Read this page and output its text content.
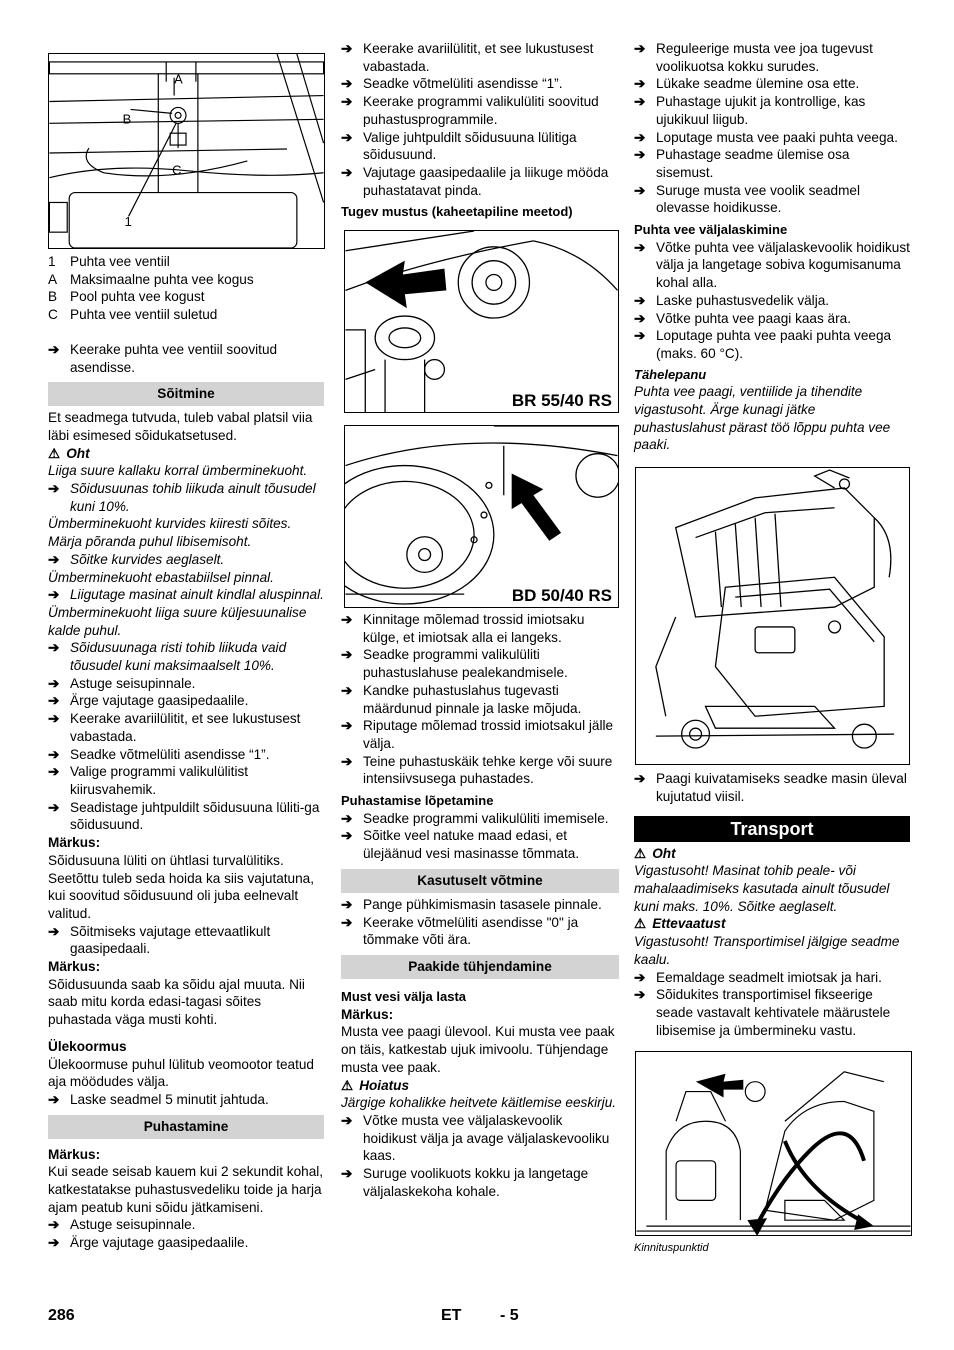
A
B
C
1
1 Puhta vee ventiil
A Maksimaalne puhta vee kogus
B Pool puhta vee kogust
C Puhta vee ventiil suletud

➔ Keerake puhta vee ventiil soovitud asendisse.

Sõitmine

Et seadmega tutvuda, tuleb vabal platsil viia läbi esimesed sõidukatsetused.

⚠ Oht

Liiga suure kallaku korral ümberminekuoht.

➔ Sõidusuunas tohib liikuda ainult tõusudel kuni 10%.

Ümberminekuoht kurvides kiiresti sõites. Märja põranda puhul libisemisoht.

➔ Sõitke kurvides aeglaselt.

Ümberminekuoht ebastabiilsel pinnal.

➔ Liigutage masinat ainult kindlal aluspinnal.

Ümberminekuoht liiga suure küljesuunalise kalde puhul.

➔ Sõidusuunaga risti tohib liikuda vaid tõusudel kuni maksimaalselt 10%.

➔ Astuge seisupinnale.

➔ Ärge vajutage gaasipedaalile.

➔ Keerake avariilülitit, et see lukustusest vabastada.

➔ Seadke võtmelüliti asendisse “1”.

➔ Valige programmi valikulülitist kiirusvahemik.

➔ Seadistage juhtpuldilt sõidusuuna lüliti-ga sõidusuund.

Märkus:

Sõidusuuna lüliti on ühtlasi turvalülitiks. Seetõttu tuleb seda hoida ka siis vajutatuna, kui soovitud sõidusuund oli juba eelnevalt valitud.

➔ Sõitmiseks vajutage ettevaatlikult gaasipedaali.

Märkus:

Sõidusuunda saab ka sõidu ajal muuta. Nii saab mitu korda edasi-tagasi sõites puhastada väga musti kohti.

Ülekoormus

Ülekoormuse puhul lülitub veomootor teatud aja möödudes välja.

➔ Laske seadmel 5 minutit jahtuda.

Puhastamine

Märkus:

Kui seade seisab kauem kui 2 sekundit kohal, katkestatakse puhastusvedeliku toide ja harja ajam peatub kuni sõidu jätkamiseni.

➔ Astuge seisupinnale.

➔ Ärge vajutage gaasipedaalile.

➔ Keerake avariilülitit, et see lukustusest vabastada.

➔ Seadke võtmelüliti asendisse “1”.

➔ Keerake programmi valikulüliti soovitud puhastusprogrammile.

➔ Valige juhtpuldilt sõidusuuna lülitiga sõidusuund.

➔ Vajutage gaasipedaalile ja liikuge mööda puhastatavat pinda.

Tugev mustus (kaheetapiline meetod)

BR 55/40 RS
BD 50/40 RS

➔ Kinnitage mõlemad trossid imiotsaku külge, et imiotsak alla ei langeks.

➔ Seadke programmi valikulüliti puhastuslahuse pealekandmisele.

➔ Kandke puhastuslahus tugevasti määrdunud pinnale ja laske mõjuda.

➔ Riputage mõlemad trossid imiotsakul jälle välja.

➔ Teine puhastuskäik tehke kerge või suure intensiivsusega puhastades.

Puhastamise lõpetamine

➔ Seadke programmi valikulüliti imemisele.

➔ Sõitke veel natuke maad edasi, et ülejäänud vesi masinasse tõmmata.

Kasutuselt võtmine

➔ Pange pühkimismasin tasasele pinnale.

➔ Keerake võtmelüliti asendisse "0" ja tõmmake võti ära.

Paakide tühjendamine

Must vesi välja lasta

Märkus:

Musta vee paagi ülevool. Kui musta vee paak on täis, katkestab ujuk imivoolu. Tühjendage musta vee paak.

⚠ Hoiatus

Järgige kohalikke heitvete käitlemise eeskirju.

➔ Võtke musta vee väljalaskevoolik hoidikust välja ja avage väljalaskevooliku kaas.

➔ Suruge voolikuots kokku ja langetage väljalaskekoha kohale.

➔ Reguleerige musta vee joa tugevust voolikuotsa kokku surudes.

➔ Lükake seadme ülemine osa ette.

➔ Puhastage ujukit ja kontrollige, kas ujukikuul liigub.

➔ Loputage musta vee paaki puhta veega.

➔ Puhastage seadme ülemise osa sisemust.

➔ Suruge musta vee voolik seadmel olevasse hoidikusse.

Puhta vee väljalaskimine

➔ Võtke puhta vee väljalaskevoolik hoidikust välja ja langetage sobiva kogumisanuma kohal alla.

➔ Laske puhastusvedelik välja.

➔ Võtke puhta vee paagi kaas ära.

➔ Loputage puhta vee paaki puhta veega (maks. 60 °C).

Tähelepanu

Puhta vee paagi, ventiilide ja tihendite vigastusoht. Ärge kunagi jätke puhastuslahust pärast töö lõppu puhta vee paaki.

➔ Paagi kuivatamiseks seadke masin üleval kujutatud viisil.

Transport

⚠ Oht

Vigastusoht! Masinat tohib peale- või mahalaadimiseks kasutada ainult tõusudel kuni maks. 10%. Sõitke aeglaselt.

⚠ Ettevaatust

Vigastusoht! Transportimisel jälgige seadme kaalu.

➔ Eemaldage seadmelt imiotsak ja hari.

➔ Sõidukites transportimisel fikseerige seade vastavalt kehtivatele määrustele libisemise ja ümbermineku vastu.

Kinnituspunktid

286	ET - 5
